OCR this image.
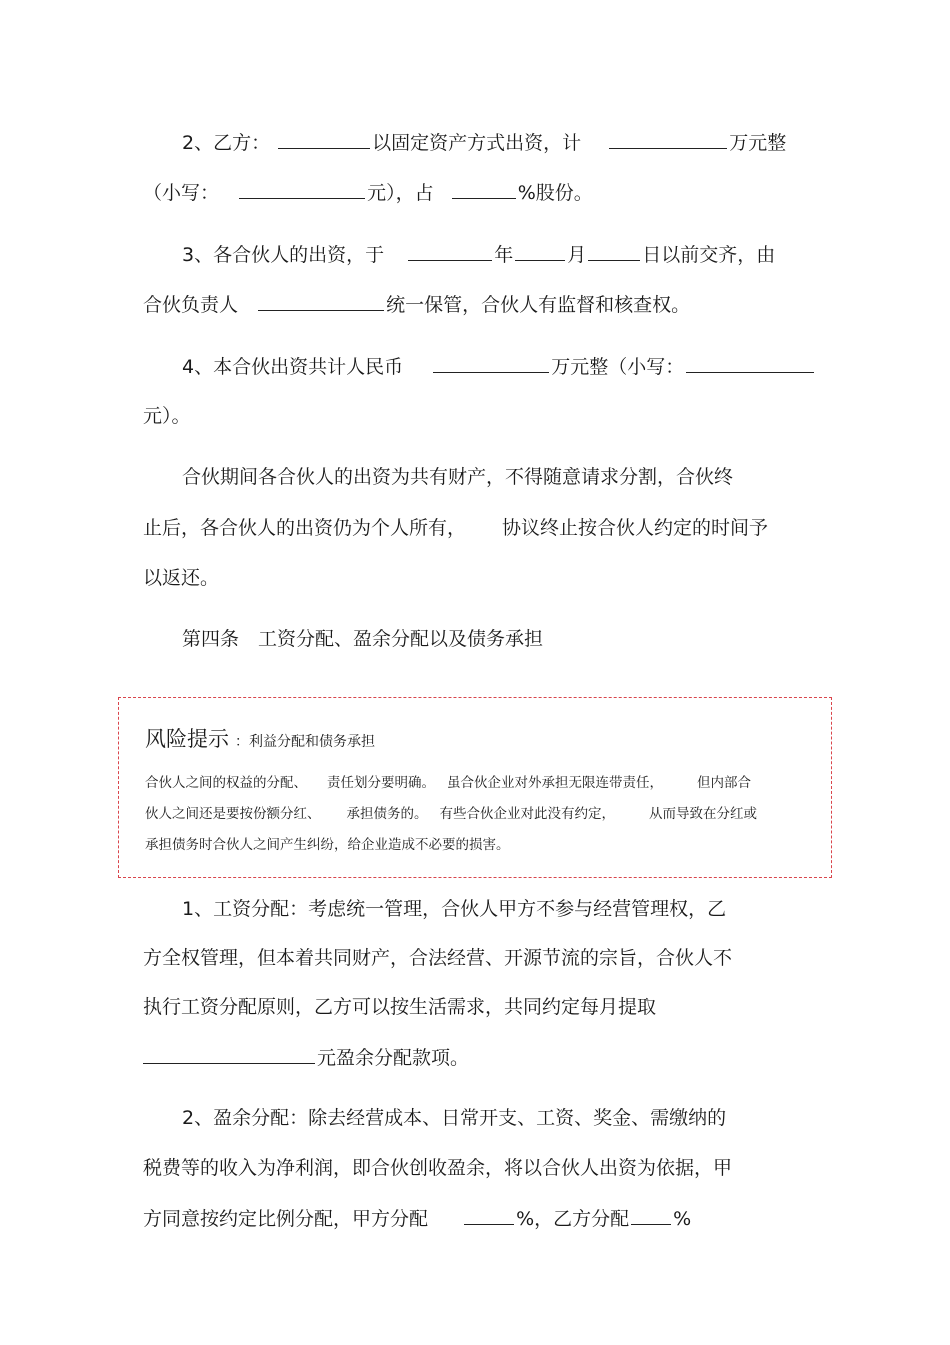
2、乙方：	以固定资产方式出资，计	万元整
（小写：	元），占	%股份。
3、各合伙人的出资，于	年	月	日以前交齐，由
合伙负责人	统一保管，合伙人有监督和核查权。
4、本合伙出资共计人民币	万元整（小写：
元）。
合伙期间各合伙人的出资为共有财产，不得随意请求分割，合伙终
止后，各合伙人的出资仍为个人所有， 协议终止按合伙人约定的时间予
以返还。
第四条　工资分配、盈余分配以及债务承担
风险提示 ：利益分配和债务承担
合伙人之间的权益的分配、 责任划分要明确。 虽合伙企业对外承担无限连带责任，	但内部合
伙人之间还是要按份额分红、 承担债务的。 有些合伙企业对此没有约定，	从而导致在分红或
承担债务时合伙人之间产生纠纷，给企业造成不必要的损害。
1、工资分配：考虑统一管理，合伙人甲方不参与经营管理权，乙
方全权管理，但本着共同财产，合法经营、开源节流的宗旨，合伙人不
执行工资分配原则，乙方可以按生活需求，共同约定每月提取
元盈余分配款项。
2、盈余分配：除去经营成本、日常开支、工资、奖金、需缴纳的
税费等的收入为净利润，即合伙创收盈余，将以合伙人出资为依据，甲
方同意按约定比例分配，甲方分配	%，乙方分配 %
